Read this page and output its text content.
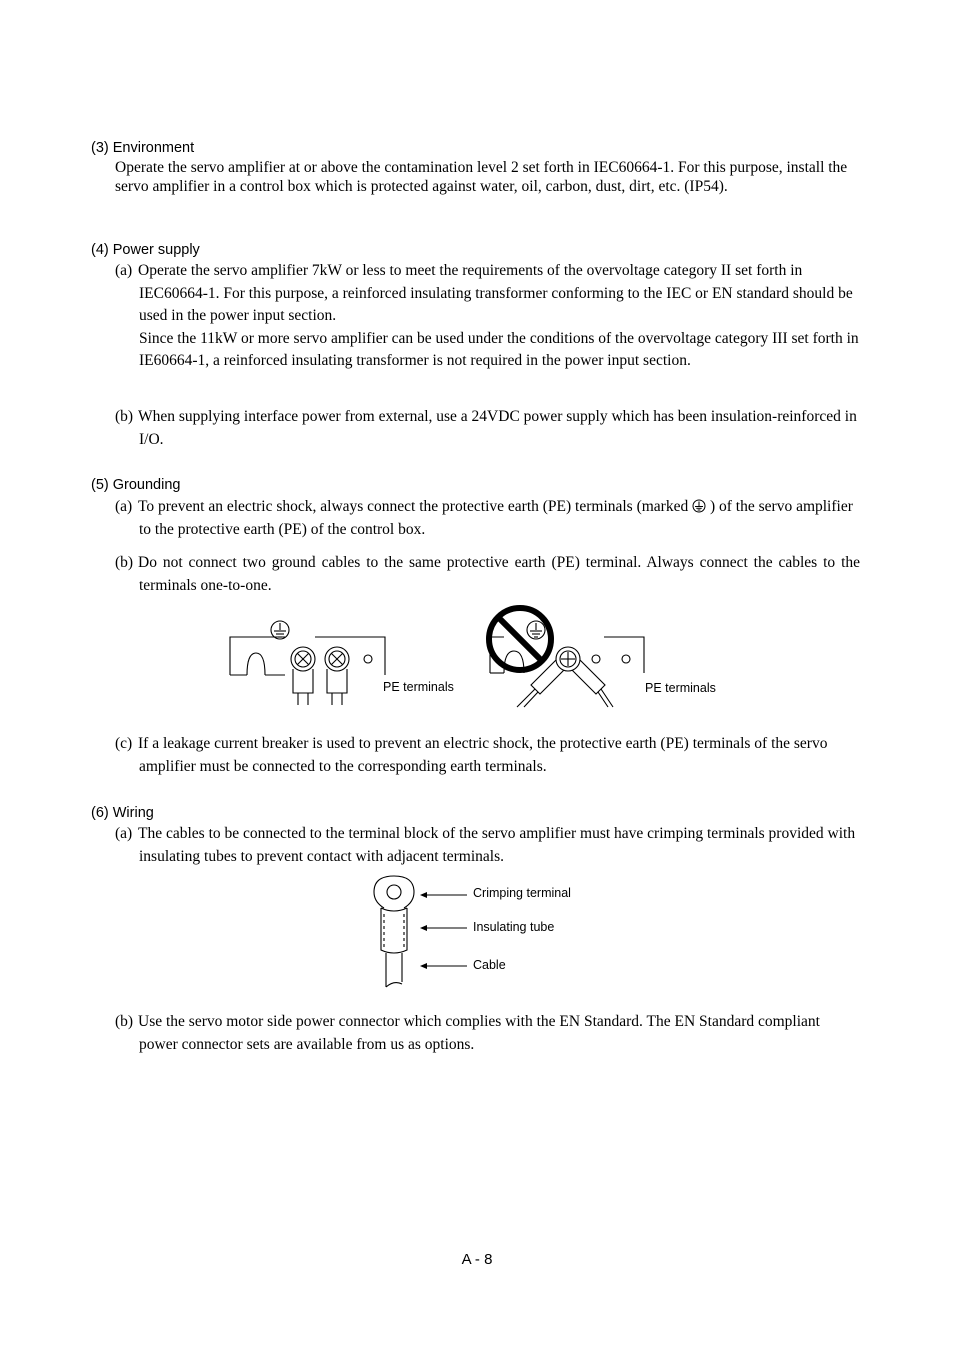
(3) Environment
Operate the servo amplifier at or above the contamination level 2 set forth in IEC60664-1. For this purpose, install the servo amplifier in a control box which is protected against water, oil, carbon, dust, dirt, etc. (IP54).
(4) Power supply

(a) Operate the servo amplifier 7kW or less to meet the requirements of the overvoltage category II set forth in IEC60664-1. For this purpose, a reinforced insulating transformer conforming to the IEC or EN standard should be used in the power input section.

Since the 11kW or more servo amplifier can be used under the conditions of the overvoltage category III set forth in IE60664-1, a reinforced insulating transformer is not required in the power input section.

(b) When supplying interface power from external, use a 24VDC power supply which has been insulation-reinforced in I/O.
(5) Grounding
(a) To prevent an electric shock, always connect the protective earth (PE) terminals (marked ) of the servo amplifier to the protective earth (PE) of the control box.
(b) Do not connect two ground cables to the same protective earth (PE) terminal. Always connect the cables to the terminals one-to-one.
PE terminals	PE terminals
(c) If a leakage current breaker is used to prevent an electric shock, the protective earth (PE) terminals of the servo amplifier must be connected to the corresponding earth terminals.
(6) Wiring
(a) The cables to be connected to the terminal block of the servo amplifier must have crimping terminals provided with insulating tubes to prevent contact with adjacent terminals.
Crimping terminal
Insulating tube
Cable
(b) Use the servo motor side power connector which complies with the EN Standard. The EN Standard compliant power connector sets are available from us as options.
A - 8
